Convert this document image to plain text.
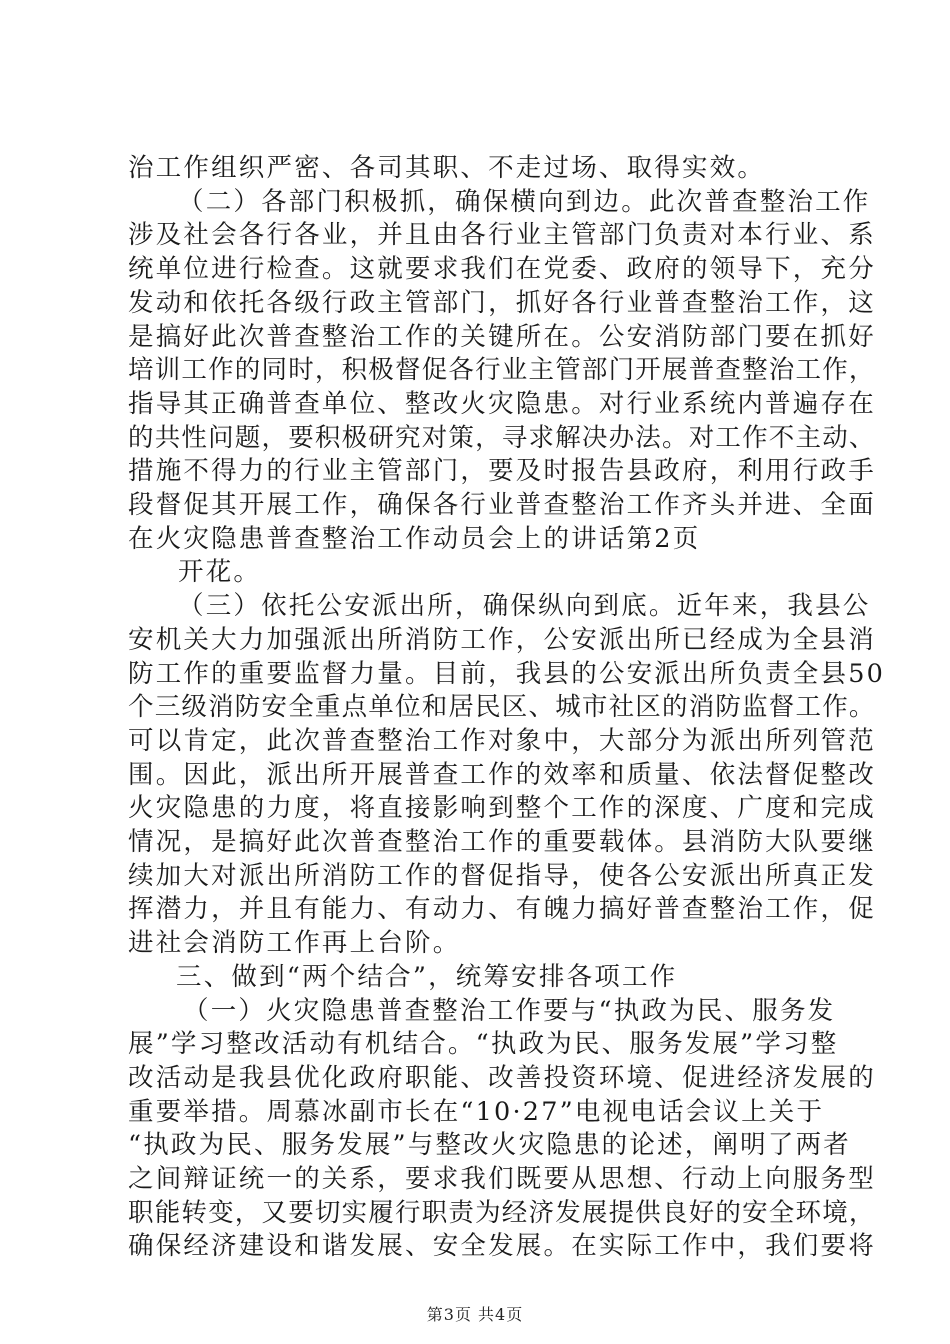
治工作组织严密、各司其职、不走过场、取得实效。
（二）各部门积极抓，确保横向到边。此次普查整治工作
涉及社会各行各业，并且由各行业主管部门负责对本行业、系
统单位进行检查。这就要求我们在党委、政府的领导下，充分
发动和依托各级行政主管部门，抓好各行业普查整治工作，这
是搞好此次普查整治工作的关键所在。公安消防部门要在抓好
培训工作的同时，积极督促各行业主管部门开展普查整治工作，
指导其正确普查单位、整改火灾隐患。对行业系统内普遍存在
的共性问题，要积极研究对策，寻求解决办法。对工作不主动、
措施不得力的行业主管部门，要及时报告县政府，利用行政手
段督促其开展工作，确保各行业普查整治工作齐头并进、全面
在火灾隐患普查整治工作动员会上的讲话第2页
开花。
（三）依托公安派出所，确保纵向到底。近年来，我县公
安机关大力加强派出所消防工作，公安派出所已经成为全县消
防工作的重要监督力量。目前，我县的公安派出所负责全县50
个三级消防安全重点单位和居民区、城市社区的消防监督工作。
可以肯定，此次普查整治工作对象中，大部分为派出所列管范
围。因此，派出所开展普查工作的效率和质量、依法督促整改
火灾隐患的力度，将直接影响到整个工作的深度、广度和完成
情况，是搞好此次普查整治工作的重要载体。县消防大队要继
续加大对派出所消防工作的督促指导，使各公安派出所真正发
挥潜力，并且有能力、有动力、有魄力搞好普查整治工作，促
进社会消防工作再上台阶。
三、做到“两个结合”，统筹安排各项工作
（一）火灾隐患普查整治工作要与“执政为民、服务发
展”学习整改活动有机结合。“执政为民、服务发展”学习整
改活动是我县优化政府职能、改善投资环境、促进经济发展的
重要举措。周慕冰副市长在“10·27”电视电话会议上关于
“执政为民、服务发展”与整改火灾隐患的论述，阐明了两者
之间辩证统一的关系，要求我们既要从思想、行动上向服务型
职能转变，又要切实履行职责为经济发展提供良好的安全环境，
确保经济建设和谐发展、安全发展。在实际工作中，我们要将
第3页 共4页
